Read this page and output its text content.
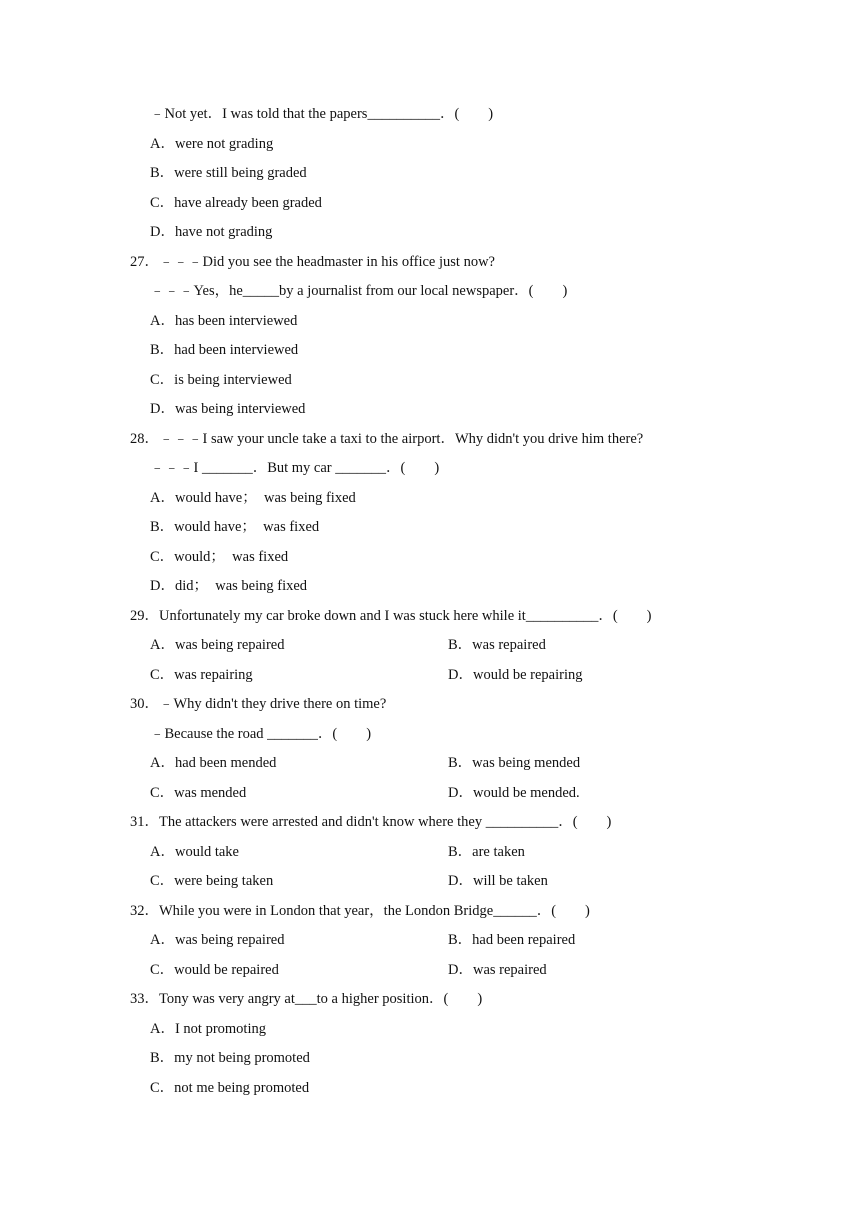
﹣Not yet．I was told that the papers__________．(　　)
A．were not grading
B．were still being graded
C．have already been graded
D．have not grading
27．﹣﹣﹣Did you see the headmaster in his office just now?
﹣﹣﹣Yes，he_____by a journalist from our local newspaper．(　　)
A．has been interviewed
B．had been interviewed
C．is being interviewed
D．was being interviewed
28．﹣﹣﹣I saw your uncle take a taxi to the airport．Why didn't you drive him there?
﹣﹣﹣I _______．But my car _______．(　　)
A．would have；　was being fixed
B．would have；　was fixed
C．would；　was fixed
D．did；　was being fixed
29．Unfortunately my car broke down and I was stuck here while it__________．(　　)
A．was being repaired	B．was repaired
C．was repairing	D．would be repairing
30．﹣Why didn't they drive there on time?
﹣Because the road _______．(　　)
A．had been mended	B．was being mended
C．was mended	D．would be mended.
31．The attackers were arrested and didn't know where they __________．(　　)
A．would take	B．are taken
C．were being taken	D．will be taken
32．While you were in London that year，the London Bridge______．(　　)
A．was being repaired	B．had been repaired
C．would be repaired	D．was repaired
33．Tony was very angry at___to a higher position．(　　)
A．I not promoting
B．my not being promoted
C．not me being promoted
